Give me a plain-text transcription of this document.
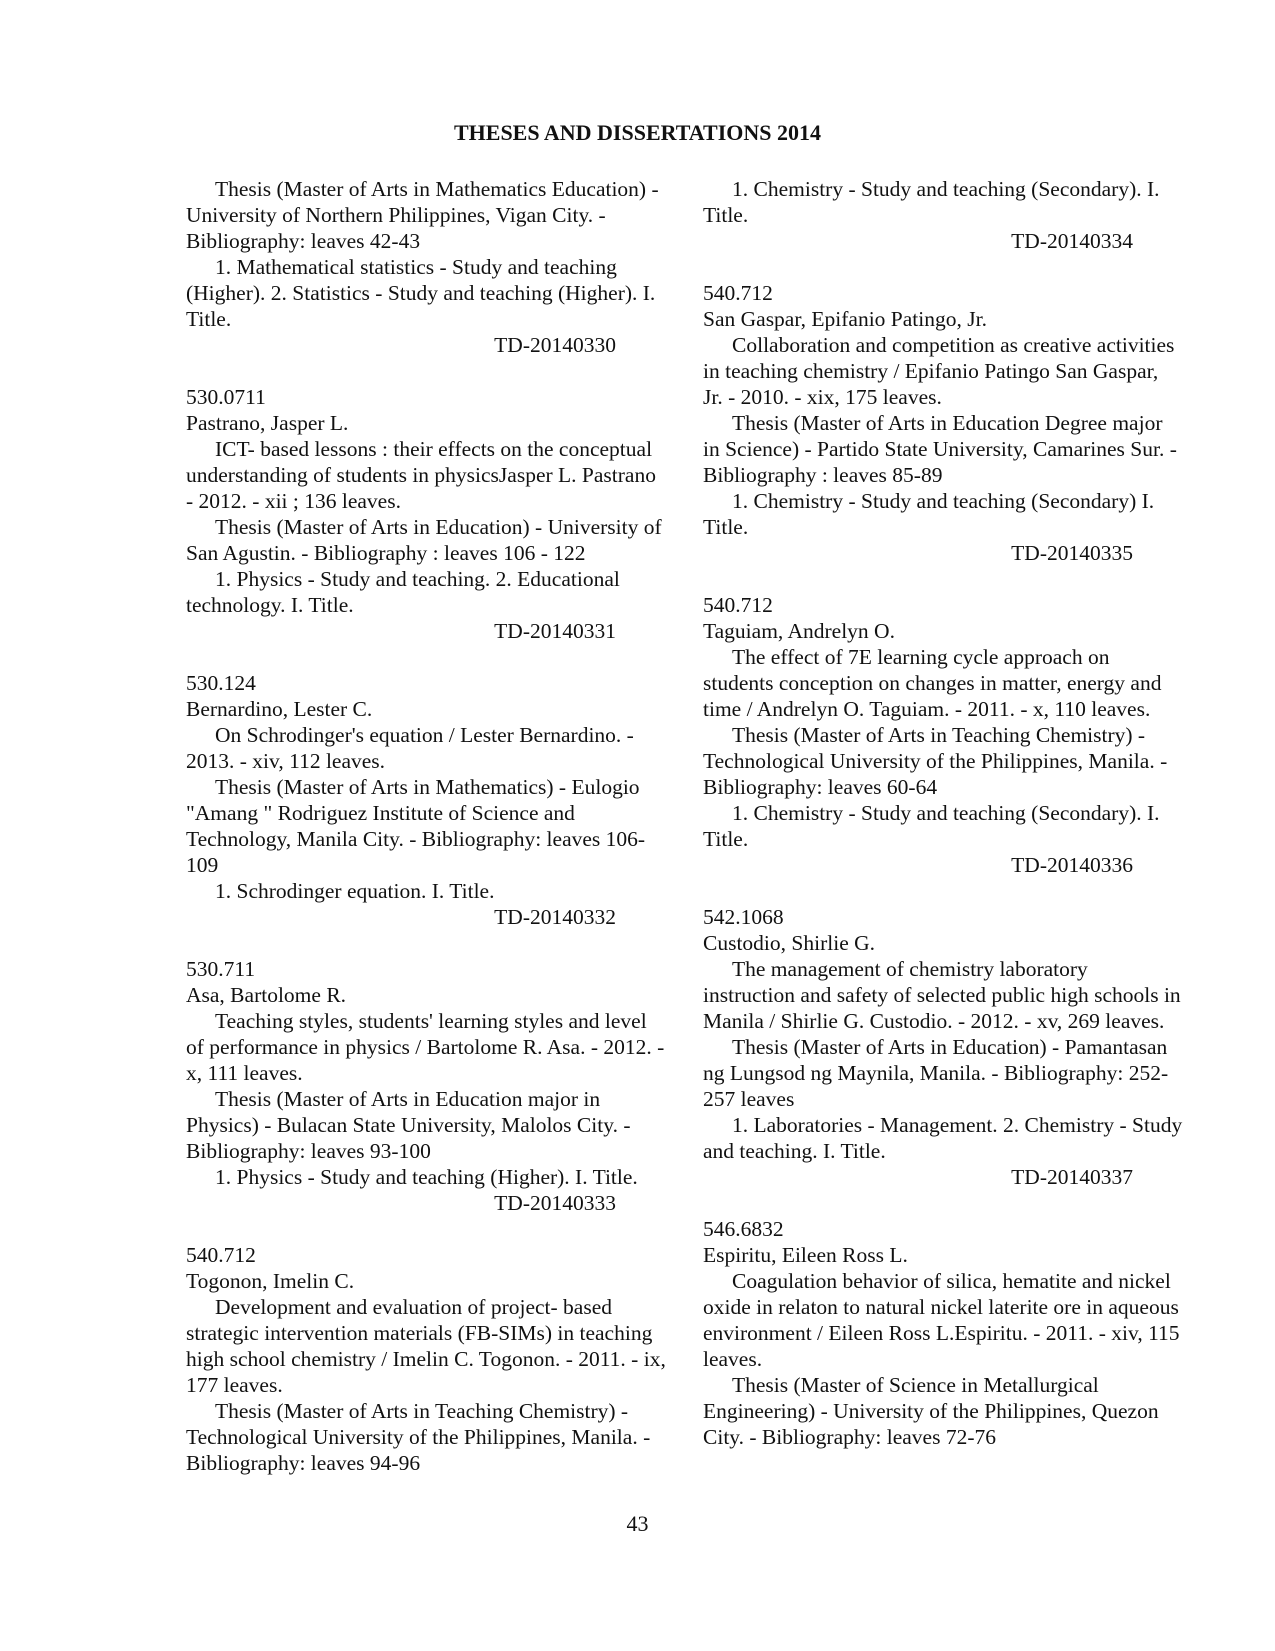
THESES AND DISSERTATIONS 2014

Thesis (Master of Arts in Mathematics Education) - University of Northern Philippines, Vigan City. - Bibliography: leaves 42-43

1. Mathematical statistics - Study and teaching (Higher). 2. Statistics - Study and teaching (Higher). I. Title.

TD-20140330

530.0711

Pastrano, Jasper L.

ICT- based lessons : their effects on the conceptual understanding of students in physicsJasper L. Pastrano - 2012. - xii ; 136 leaves.

Thesis (Master of Arts in Education) - University of San Agustin. - Bibliography : leaves 106 - 122

1. Physics - Study and teaching. 2. Educational technology. I. Title.

TD-20140331

530.124

Bernardino, Lester C.

On Schrodinger's equation / Lester Bernardino. - 2013. - xiv, 112 leaves.

Thesis (Master of Arts in Mathematics) - Eulogio "Amang " Rodriguez Institute of Science and Technology, Manila City. - Bibliography: leaves 106-109

1. Schrodinger equation. I. Title.

TD-20140332

530.711

Asa, Bartolome R.

Teaching styles, students' learning styles and level of performance in physics / Bartolome R. Asa. - 2012. - x, 111 leaves.

Thesis (Master of Arts in Education major in Physics) - Bulacan State University, Malolos City. - Bibliography: leaves 93-100

1. Physics - Study and teaching (Higher). I. Title.

TD-20140333

540.712

Togonon, Imelin C.

Development and evaluation of project- based strategic intervention materials (FB-SIMs) in teaching high school chemistry / Imelin C. Togonon. - 2011. - ix, 177 leaves.

Thesis (Master of Arts in Teaching Chemistry) - Technological University of the Philippines, Manila. - Bibliography: leaves 94-96

1. Chemistry - Study and teaching (Secondary). I. Title.

TD-20140334

540.712

San Gaspar, Epifanio Patingo, Jr.

Collaboration and competition as creative activities in teaching chemistry / Epifanio Patingo San Gaspar, Jr. - 2010. - xix, 175 leaves.

Thesis (Master of Arts in Education Degree major in Science) - Partido State University, Camarines Sur. - Bibliography : leaves 85-89

1. Chemistry - Study and teaching (Secondary) I. Title.

TD-20140335

540.712

Taguiam, Andrelyn O.

The effect of 7E learning cycle approach on students conception on changes in matter, energy and time / Andrelyn O. Taguiam. - 2011. - x, 110 leaves.

Thesis (Master of Arts in Teaching Chemistry) - Technological University of the Philippines, Manila. - Bibliography: leaves 60-64

1. Chemistry - Study and teaching (Secondary). I. Title.

TD-20140336

542.1068

Custodio, Shirlie G.

The management of chemistry laboratory instruction and safety of selected public high schools in Manila / Shirlie G. Custodio. - 2012. - xv, 269 leaves.

Thesis (Master of Arts in Education) - Pamantasan ng Lungsod ng Maynila, Manila. - Bibliography: 252-257 leaves

1. Laboratories - Management. 2. Chemistry - Study and teaching. I. Title.

TD-20140337

546.6832

Espiritu, Eileen Ross L.

Coagulation behavior of silica, hematite and nickel oxide in relaton to natural nickel laterite ore in aqueous environment / Eileen Ross L.Espiritu. - 2011. - xiv, 115 leaves.

Thesis (Master of Science in Metallurgical Engineering) - University of the Philippines, Quezon City. - Bibliography: leaves 72-76

43
